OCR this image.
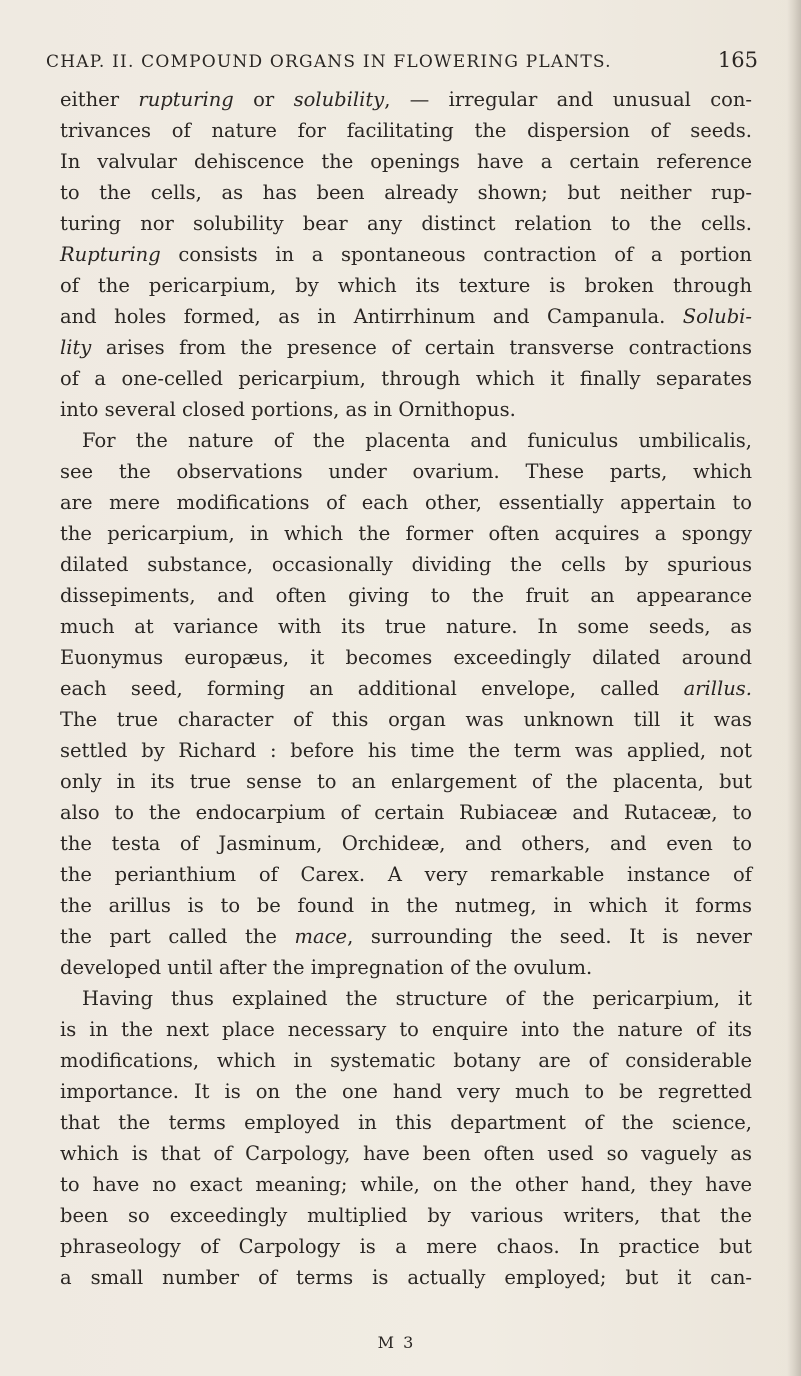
CHAP. II. COMPOUND ORGANS IN FLOWERING PLANTS.	165
either rupturing or solubility, — irregular and unusual con-
trivances of nature for facilitating the dispersion of seeds.
In valvular dehiscence the openings have a certain reference
to the cells, as has been already shown; but neither rup-
turing nor solubility bear any distinct relation to the cells.
Rupturing consists in a spontaneous contraction of a portion
of the pericarpium, by which its texture is broken through
and holes formed, as in Antirrhinum and Campanula. Solubi-
lity arises from the presence of certain transverse contractions
of a one-celled pericarpium, through which it finally separates
into several closed portions, as in Ornithopus.
For the nature of the placenta and funiculus umbilicalis,
see the observations under ovarium. These parts, which
are mere modifications of each other, essentially appertain to
the pericarpium, in which the former often acquires a spongy
dilated substance, occasionally dividing the cells by spurious
dissepiments, and often giving to the fruit an appearance
much at variance with its true nature. In some seeds, as
Euonymus europæus, it becomes exceedingly dilated around
each seed, forming an additional envelope, called arillus.
The true character of this organ was unknown till it was
settled by Richard : before his time the term was applied, not
only in its true sense to an enlargement of the placenta, but
also to the endocarpium of certain Rubiaceæ and Rutaceæ, to
the testa of Jasminum, Orchideæ, and others, and even to
the perianthium of Carex. A very remarkable instance of
the arillus is to be found in the nutmeg, in which it forms
the part called the mace, surrounding the seed. It is never
developed until after the impregnation of the ovulum.
Having thus explained the structure of the pericarpium, it
is in the next place necessary to enquire into the nature of its
modifications, which in systematic botany are of considerable
importance. It is on the one hand very much to be regretted
that the terms employed in this department of the science,
which is that of Carpology, have been often used so vaguely as
to have no exact meaning; while, on the other hand, they have
been so exceedingly multiplied by various writers, that the
phraseology of Carpology is a mere chaos. In practice but
a small number of terms is actually employed; but it can-
M 3
